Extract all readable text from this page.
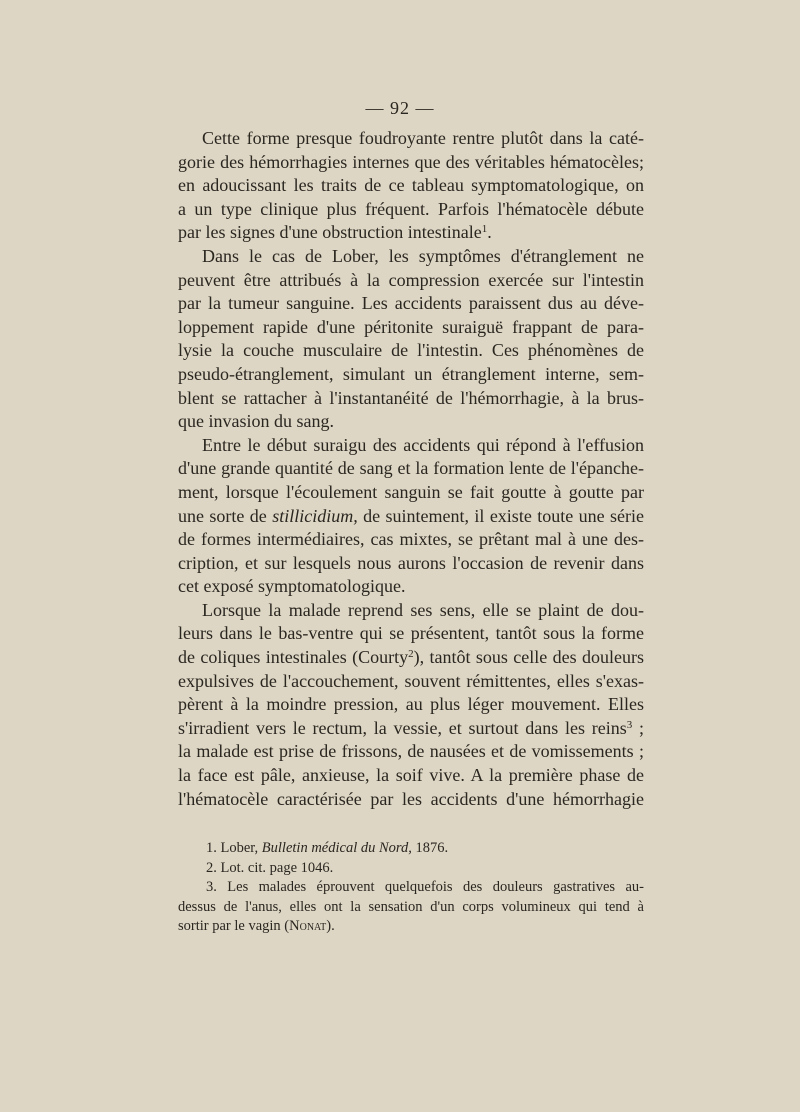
— 92 —

Cette forme presque foudroyante rentre plutôt dans la caté-
gorie des hémorrhagies internes que des véritables hématocèles;
en adoucissant les traits de ce tableau symptomatologique, on
a un type clinique plus fréquent. Parfois l'hématocèle débute
par les signes d'une obstruction intestinale$^1$.

Dans le cas de Lober, les symptômes d'étranglement ne
peuvent être attribués à la compression exercée sur l'intestin
par la tumeur sanguine. Les accidents paraissent dus au déve-
loppement rapide d'une péritonite suraiguë frappant de para-
lysie la couche musculaire de l'intestin. Ces phénomènes de
pseudo-étranglement, simulant un étranglement interne, sem-
blent se rattacher à l'instantanéité de l'hémorrhagie, à la brus-
que invasion du sang.

Entre le début suraigu des accidents qui répond à l'effusion
d'une grande quantité de sang et la formation lente de l'épanche-
ment, lorsque l'écoulement sanguin se fait goutte à goutte par
une sorte de stillicidium, de suintement, il existe toute une série
de formes intermédiaires, cas mixtes, se prêtant mal à une des-
cription, et sur lesquels nous aurons l'occasion de revenir dans
cet exposé symptomatologique.

Lorsque la malade reprend ses sens, elle se plaint de dou-
leurs dans le bas-ventre qui se présentent, tantôt sous la forme
de coliques intestinales (Courty$^2$), tantôt sous celle des douleurs
expulsives de l'accouchement, souvent rémittentes, elles s'exas-
pèrent à la moindre pression, au plus léger mouvement. Elles
s'irradient vers le rectum, la vessie, et surtout dans les reins$^3$ ;
la malade est prise de frissons, de nausées et de vomissements ;
la face est pâle, anxieuse, la soif vive. A la première phase de
l'hématocèle caractérisée par les accidents d'une hémorrhagie

1. Lober, Bulletin médical du Nord, 1876.
2. Lot. cit. page 1046.
3. Les malades éprouvent quelquefois des douleurs gastratives au-
dessus de l'anus, elles ont la sensation d'un corps volumineux qui tend à
sortir par le vagin (Nonat).
